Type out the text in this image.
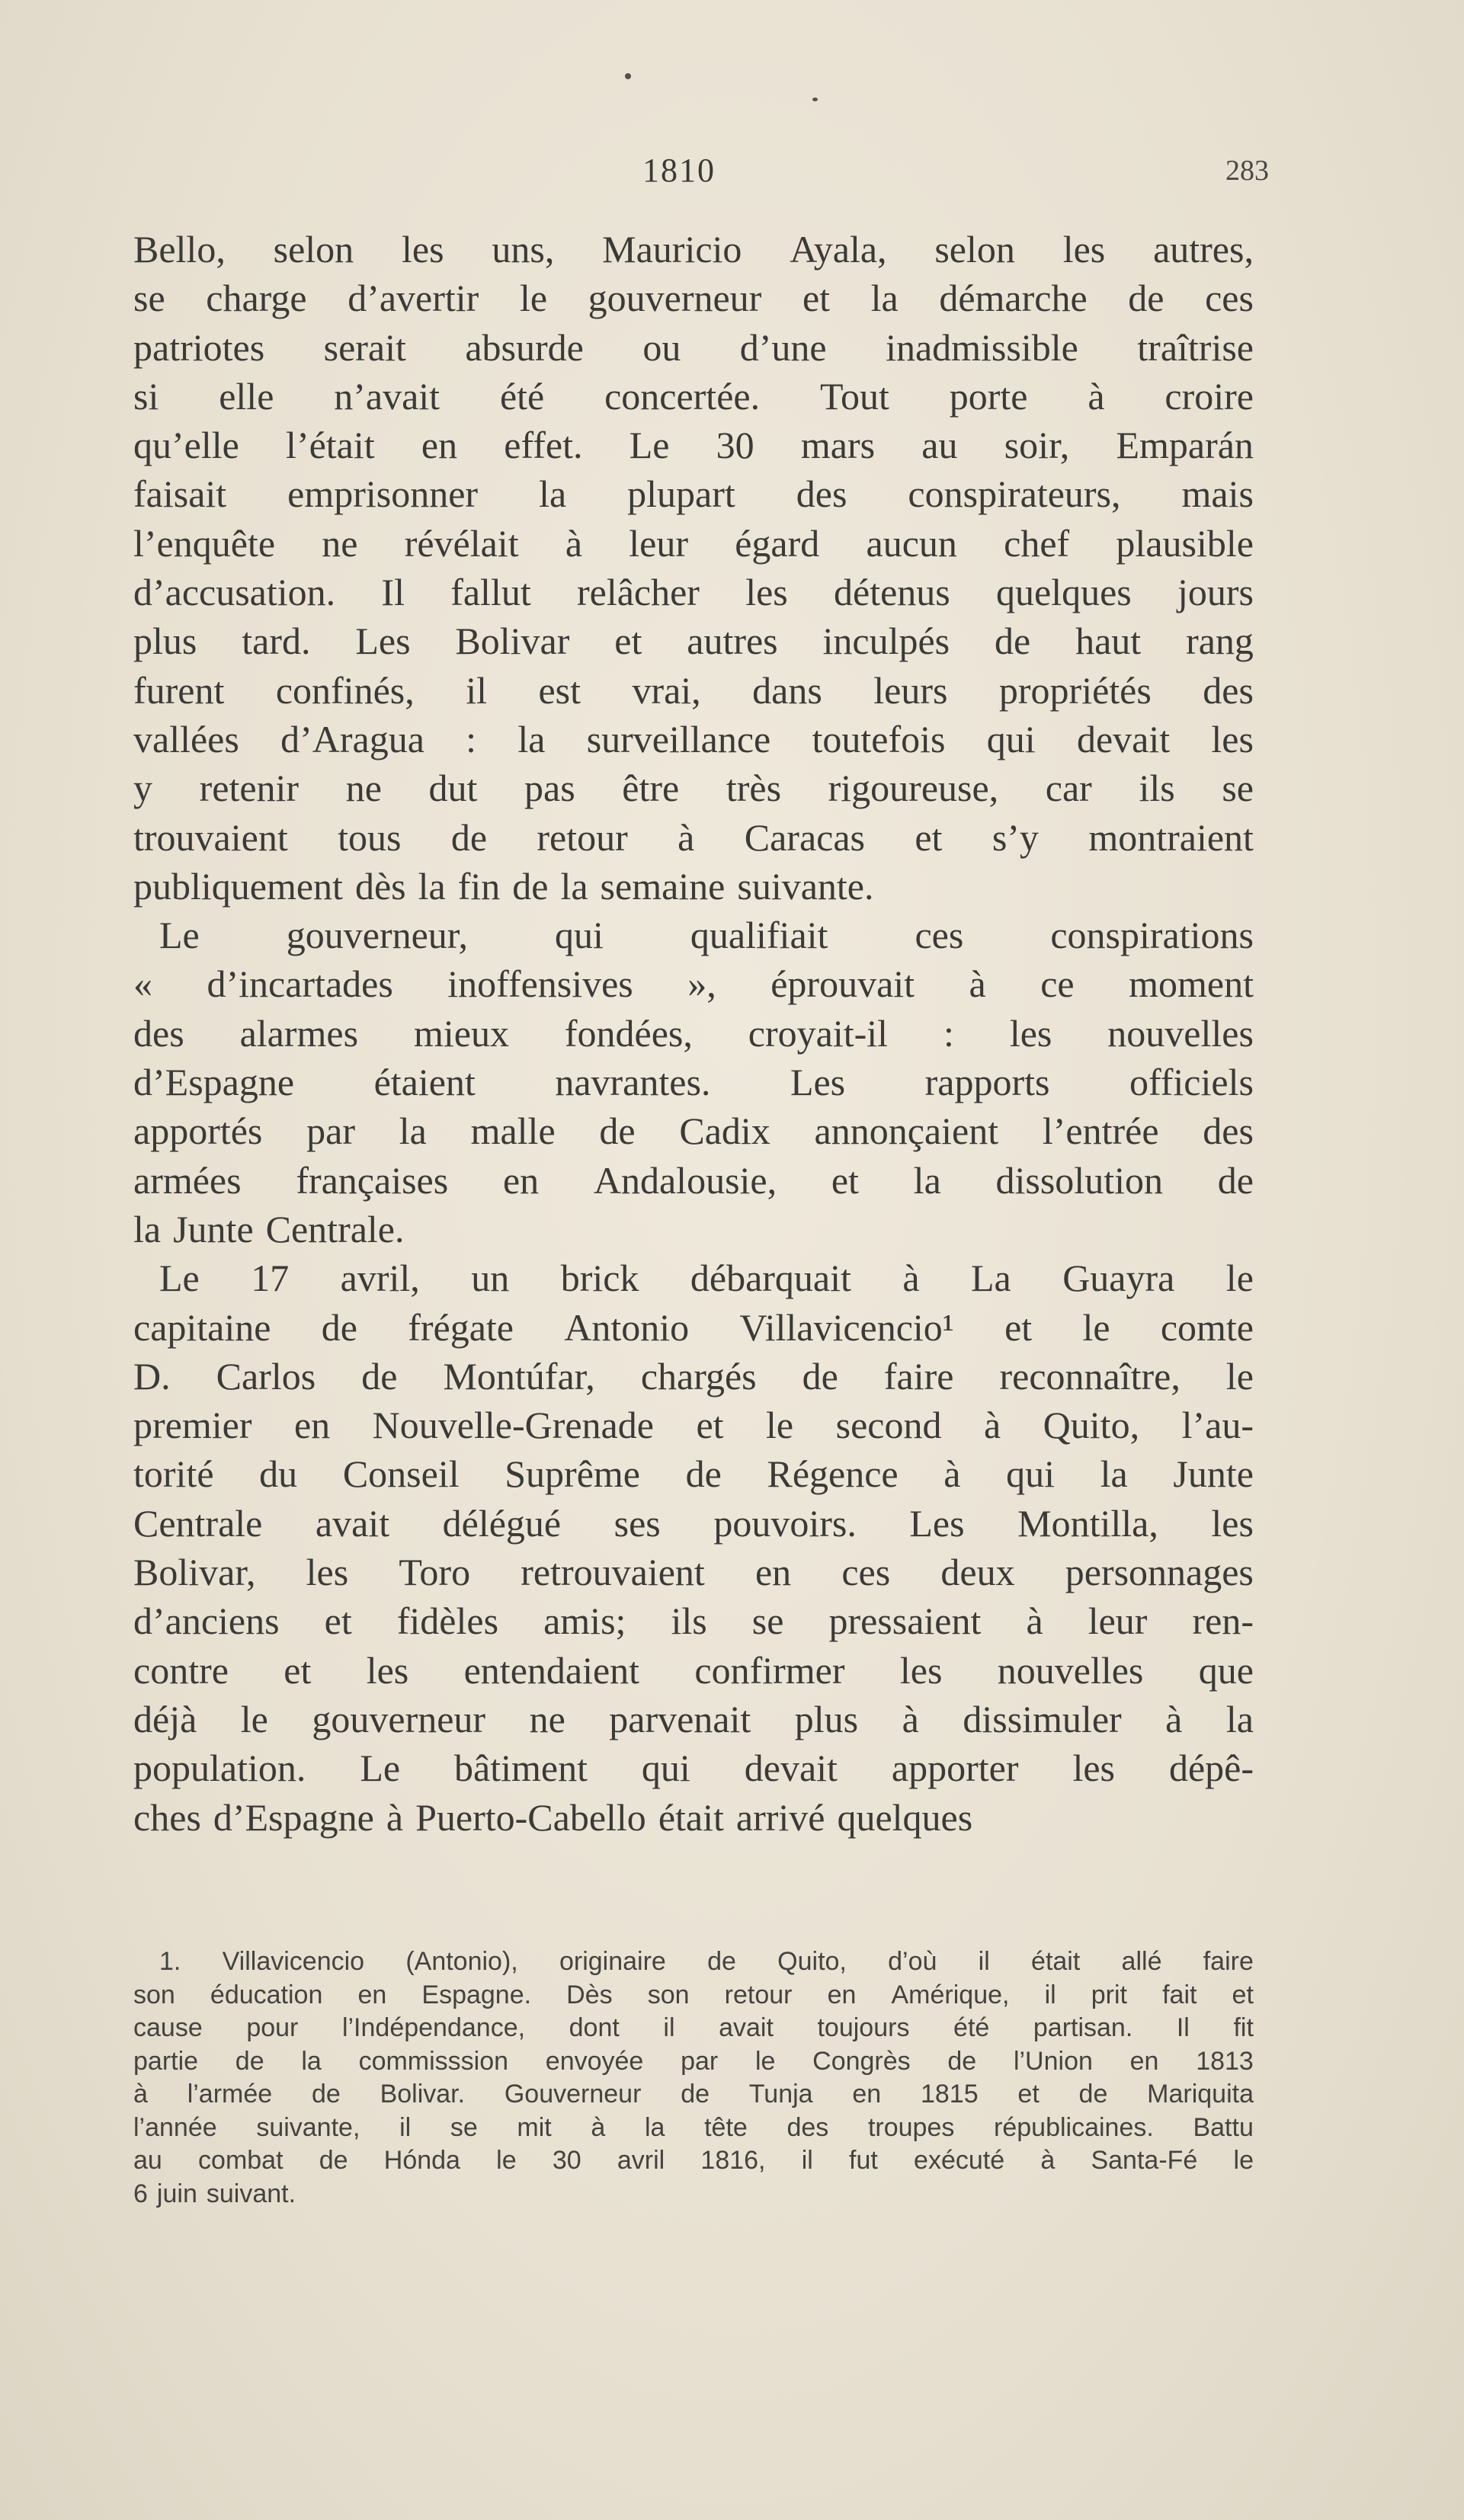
1810	283
Bello, selon les uns, Mauricio Ayala, selon les autres,
se charge d’avertir le gouverneur et la démarche de ces
patriotes serait absurde ou d’une inadmissible traîtrise
si elle n’avait été concertée. Tout porte à croire
qu’elle l’était en effet. Le 30 mars au soir, Emparán
faisait emprisonner la plupart des conspirateurs, mais
l’enquête ne révélait à leur égard aucun chef plausible
d’accusation. Il fallut relâcher les détenus quelques jours
plus tard. Les Bolivar et autres inculpés de haut rang
furent confinés, il est vrai, dans leurs propriétés des
vallées d’Aragua : la surveillance toutefois qui devait les
y retenir ne dut pas être très rigoureuse, car ils se
trouvaient tous de retour à Caracas et s’y montraient
publiquement dès la fin de la semaine suivante.
Le gouverneur, qui qualifiait ces conspirations
« d’incartades inoffensives », éprouvait à ce moment
des alarmes mieux fondées, croyait-il : les nouvelles
d’Espagne étaient navrantes. Les rapports officiels
apportés par la malle de Cadix annonçaient l’entrée des
armées françaises en Andalousie, et la dissolution de
la Junte Centrale.
Le 17 avril, un brick débarquait à La Guayra le
capitaine de frégate Antonio Villavicencio¹ et le comte
D. Carlos de Montúfar, chargés de faire reconnaître, le
premier en Nouvelle-Grenade et le second à Quito, l’au-
torité du Conseil Suprême de Régence à qui la Junte
Centrale avait délégué ses pouvoirs. Les Montilla, les
Bolivar, les Toro retrouvaient en ces deux personnages
d’anciens et fidèles amis; ils se pressaient à leur ren-
contre et les entendaient confirmer les nouvelles que
déjà le gouverneur ne parvenait plus à dissimuler à la
population. Le bâtiment qui devait apporter les dépê-
ches d’Espagne à Puerto-Cabello était arrivé quelques
1. Villavicencio (Antonio), originaire de Quito, d’où il était allé faire
son éducation en Espagne. Dès son retour en Amérique, il prit fait et
cause pour l’Indépendance, dont il avait toujours été partisan. Il fit
partie de la commisssion envoyée par le Congrès de l’Union en 1813
à l’armée de Bolivar. Gouverneur de Tunja en 1815 et de Mariquita
l’année suivante, il se mit à la tête des troupes républicaines. Battu
au combat de Hónda le 30 avril 1816, il fut exécuté à Santa-Fé le
6 juin suivant.
